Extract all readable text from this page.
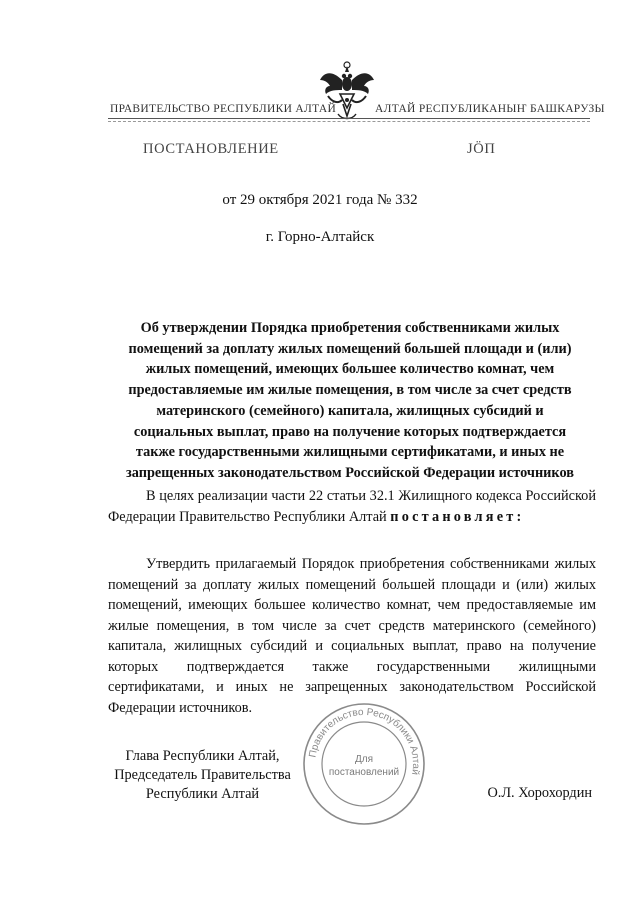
ПРАВИТЕЛЬСТВО РЕСПУБЛИКИ АЛТАЙ	АЛТАЙ РЕСПУБЛИКАНЫҤ БАШКАРУЗЫ
ПОСТАНОВЛЕНИЕ	JÖП
от 29 октября 2021 года № 332
г. Горно-Алтайск
Об утверждении Порядка приобретения собственниками жилых
помещений за доплату жилых помещений большей площади и (или)
жилых помещений, имеющих большее количество комнат, чем
предоставляемые им жилые помещения, в том числе за счет средств
материнского (семейного) капитала, жилищных субсидий и
социальных выплат, право на получение которых подтверждается
также государственными жилищными сертификатами, и иных не
запрещенных законодательством Российской Федерации источников
В целях реализации части 22 статьи 32.1 Жилищного кодекса Российской Федерации Правительство Республики Алтай постановляет:
Утвердить прилагаемый Порядок приобретения собственниками жилых помещений за доплату жилых помещений большей площади и (или) жилых помещений, имеющих большее количество комнат, чем предоставляемые им жилые помещения, в том числе за счет средств материнского (семейного) капитала, жилищных субсидий и социальных выплат, право на получение которых подтверждается также государственными жилищными сертификатами, и иных не запрещенных законодательством Российской Федерации источников.
Глава Республики Алтай,
Председатель Правительства
Республики Алтай
Правительство Республики Алтай
Для
постановлений
О.Л. Хорохордин
